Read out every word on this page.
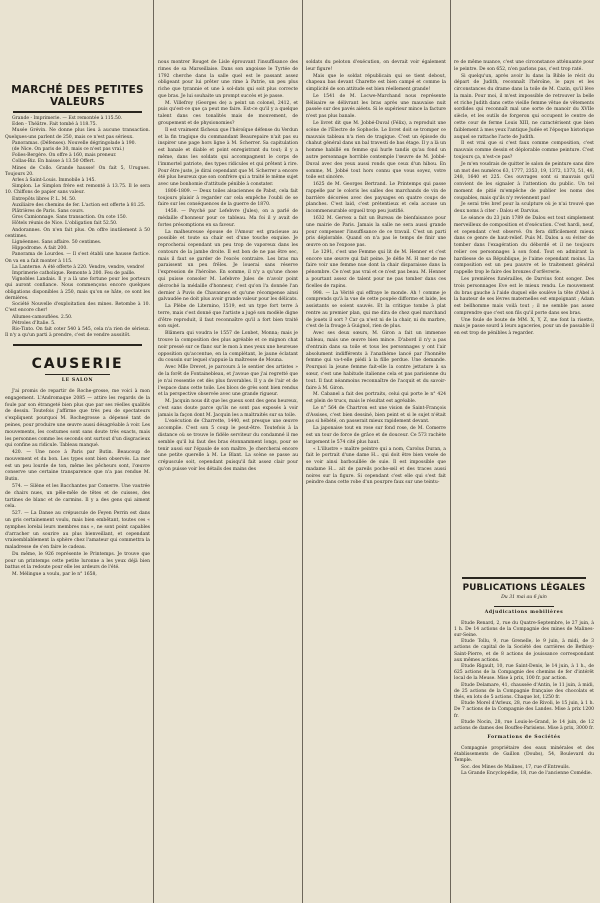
MARCHÉ DES PETITES VALEURS

Grande - Imprimerie. — Est remontée à 115.50.

Eden - Théâtre. Fait tombé à 118.75.

Musée Grévin. Ne donne plus lieu à aucune transaction. Quelques-uns parlent de 250, mais ce n'est pas sérieux.

Panoramas. (Défenses). Nouvelle dégringolade à 190.

(de Nice. On paris de 30, mais ce n'est pas vrai.)

Folies-Bergère. On offre à 160, mais preneur.

Collas-Biz. En baisse à 13.50 Offert.

Mines de Collo. Grande hausse! On fait 5, Urugues. Toujours 20.

Arles à Saint-Louis. Immobile à 145.

Simplon. Le Simplon frère est remonté à 13.75. Il le sera 10. Chiffons de papier sans valeur.

Entrepôts libres P. L. M. 50.

Auxiliaire des chemins de fer. L'action est offerte à 81.25.

Plâtrières de Paris. Sans cours.

Gros Camionnage. Sans transaction. On cote 150.

Hôtels réunis de Nice. L'obligation fait 52.50.

Andorannes. On n'en fait plus. On offre inutilement à 50 centimes.

Lignéennes. Sans affaire. 50 centimes.

Hippodrome. A fait 200.

Panorama de Lourdes. — Il s'est établi une hausse factice. On va en a fait monter à 115.

La Lanterne. A été offerte à 220. Vendre, vendre, vendre!

Imprimerie catholique. Remonte à 200. Feu de paille.

Vignobles Landais. Il y a là une fortune pour les porteurs qui auront confiance. Nous commençons encore quelques obligations disponibles à 250, mais qu'on se hâte, ce sont les dernières.

Société Nouvelle d'exploitation des mines. Retombe à 10. C'est encore cher!

Allumes-camouflées. 2.50.

Pétroles d'Italie. 5.

Rio-Tinto. On fait coter 540 à 545, cela n'a rien de sérieux. Il n'y a qu'un parti à prendre, c'est de vendre aussitôt.

CAUSERIE

LE SALON

J'ai promis de repartir de Roche-grosse, me voici à mon engagement. L'Andromaque 2085 — attire les regards de la foule par son étrangeté bien plus que par ses réelles qualités de dessin. Toutefois j'affirme que très peu de spectateurs s'expliquent pourquoi M. Rochegrosse a dépensé tant de peines, pour produire une œuvre aussi désagréable à voir. Les mouvements, les costumes sont sans doute très exacts, mais les personnes comme les seconds ont surtout d'un disgracieux qui confine au ridicule. Tableau manqué.

420. — Une noce à Paris par Butin. Beaucoup de mouvement et du bon. Les types sont bien observés. La mer est un peu lourde de ton, même les pêcheurs sont, l'œuvre conserve une certaine transparence que n'a pas rendue M. Butin.

574. — Silène et les Bacchantes par Comerre. Une vautrée de chairs nues, un pêle-mêle de têtes et de cuisses, des tartines de blanc et de carmins. Il y a des gens qui aiment cela.

527. — La Danse au crépuscule de Feyen Perrin est dans un gris certainement voulu, mais bien embêtant, toutes ces « nymphes lorelai leurs membres nus », ne sont point capables d'arracher un sourire au plus bienveillant, et cependant vraisemblablement la sphère chez l'amateur qui commettra la maladresse de s'en faire le cadeau.

Du même, le 926 représente le Printemps. Je trouve que pour un printemps cette petite luronne a les yeux déjà bien battus et la redoute pour elle les ardeurs de l'été.

M. Mélingue a voulu, par le n° 1658,

nous montrer Rouget de Lisle éprouvant l'insuffisance des rimes de sa Marseillaise. Dans son angoisse le Tyrtée de 1792 cherche dans la salle quel est le passant assez obligeant pour lui prêter une rime à Patrie, un peu plus riche que tyrannie et une à sol-dats qui soit plus correcte que bras. Je lui souhaite un prompt succès et je passe.

M. Villefroy (Georges de) a peint un colonel, 2412, et puis qu'est-ce que ça peut me faire. Est-ce qu'il y a quelque talent dans ces tonalités mais de mouvement, de groupement et de physionomies?

Il est vraiment fâcheux que l'héroïque défense du Verdun et la fin tragique du commandant Beaurepaire n'ait pas su inspirer une page hors ligne à M. Scherrer. Sa capitulation est banale et diable et point enregistrant du tout; il y a même, dans les soldats qui accompagnent le corps de l'immortel patriote, des types ridicules et qui prêtent à rire. Pour être juste, je dirai cependant que M. Scherrer a encore été plus heureux que son confrère qui a traité le même sujet avec une bonhomie d'attitude pénible à constater.

1806-1809. — Deux toiles alsaciennes de Pabst, cela fait toujours plaisir à regarder car cela empêche l'oubli de se faire sur les conséquences de la guerre de 1870.

1458. — Psyché par Lefebvre (Jules), on a parlé de médaille d'honneur pour ce tableau. Ma foi il y avait de fortes présomptions en sa faveur.

La malheureuse épouse de l'Amour est gracieuse au possible et toute sa chair est d'une touche exquise. Je reprocherai cependant un peu trop de vaporeux dans les contours de la jambe droite. Il est bon de ne pas être sec, mais il faut se garder de l'excès contraire. Les bras ma paraissent un peu frêles. Je louerai sans réserve l'expression de l'héroïne. En somme, il n'y a qu'une chose qui puisse consoler M. Lefebvre Jules de n'avoir point décroché la médaille d'honneur, c'est qu'on l'a donnée l'an dernier à Puvis de Chavannes et qu'une récompense ainsi galvaudée ne doit plus avoir grande valeur pour les délicats.

La Plèbe de Liternino, 1519, est un type fort terre à terre, mais c'est donné que l'artiste a jugé son modèle digne d'être reproduit, il faut reconnaître qu'il a fort bien traité son sujet.

Blâmera qui voudra le 1557 de Lonbet, Monna; mais je trouve la composition des plus agréable et ce mignon chat noir pressé sur ce flanc sur le mon à mes yeux une heureuse opposition qu'accentue, en la complétant, le jaune éclatant du coussin sur lequel s'appuie la maîtresse de Mouna.

Avec Mlle Drevet, je parcours à le sentier des artistes » de la forêt de Fontainebleau, et j'avoue que j'ai regretté que je n'ai ressentie cet dès plus favorables. Il y a de l'air et de l'espace dans cette toile. Les blocs de grès sont bien rendus et la perspective observée avec une grande rigueur.

M. Jacquin nous dit que les gueux sont des gens heureux, c'est sans doute parce qu'ils ne sont pas exposés à voir jamais la façon dont M. Jacquin les a maltraités sur sa toile.

L'exécution de Charrette, 1440, est presque une œuvre accomplie. C'est son 5 coup le peut-être. Toutefois à la distance où se trouve le fidèle serviteur du condamné il me semble qu'il lui faut des bras étonnamment longs, pour se tenir aussi sur l'épaule de son maître. Je chercherai encore une petite querelle à M. Le Blant. La scène se passe au crépuscule soit, cependant puisqu'il fait assez clair pour qu'on puisse voir les détails des mains des

soldats du peloton d'exécution, on devrait voir également leur figure!

Mais que le soldat républicain qui se tient debout, chapeau bas devant Charette est bien campé et comme la simplicité de son attitude est bien réellement grande!

Le 1541 de M. Locwe-Marchand nous représente Bélisaire se délivrant les bras après une mauvaise nuit passée sur des pavés aiéets. Si le supérieur mince la facture n'est pas plus banale.

Le livret dit que M. Jobbé-Duval (Félix), a reproduit une scène de l'Électre de Sophocle. Le livret doit se tromper ce mauvais tableau n'a rien de tragique. C'est un épisode du chahut général dans un bal travesti de bas étage. Il y a là un homme habillé en femme qui hurle tandis qu'au fond un autre personnage horrible contemple l'œuvre de M. Jobbé-Duval avec des yeux aussi ronds que ceux d'un hibou. En somme, M. Jobbé tout hors connu que vous soyez, votre toile est sincère.

1625 de M. Georges Bertrand. Le Printemps qui passe rappelle par le coloris les salles des marchands de vin de barrière décorées avec des paysages en quatre coups de planches. C'est laid, c'est prétentieux et cela accuse un incommensurable orgueil trop peu justifié.

1632 M. Gervex a fait un Bureau de bienfaisance pour une mairie de Paris. Jamais la salle ne sera aussi grande pour compenser l'insuffisance de ce travail. C'est un parti pris déplorable. Quand on n'a pas le temps de finir une œuvre on ne l'expose pas.

Le 1291, c'est une Femme qui lit de M. Henner et c'est encore une œuvre qui fait peine. Je défie M. H mer de me faire voir une femme nue dont la chair disparaisse dans la pénombre. Ce n'est pas vrai et ce n'est pas beau. M. Henner a pourtant assez de talent pour ne pas tomber dans ces ficelles de rapins.

998. — La Vérité qui effraye le monde. Ah ! comme je comprends qu'à la vue de cette poupée difforme et laide, les assistants se soient sauvés. Et la critique tombe à plat rentre au premier plan, qui me dira de chez quel marchand de jouets il sort ? Car ça n'est ni de la chair, ni du marbre, c'est de la frouge à Guignol, rien de plus.

Avec ses deux sœurs, M. Giron a fait un immense tableau, mais une œuvre bien mince. D'abord il n'y a pas d'entrain dans sa toile et tous les personnages y ont l'air absolument indifférents à l'anathème lancé par l'honnête femme qui va-t-elle piédi à la fille perdue. Une demande. Pourquoi la jeune femme fait-elle la contre jettature à sa sœur, c'est une habitude italienne cela et pas parisienne du tout. Il faut néanmoins reconnaître de l'acquit et du savoir-faire à M. Giron.

M. Cabanel a fait des portraits, celui qui porte le n° 424 est plein de trucs, mais le résultat est agréable.

Le n° 564 de Chartron est une vision de Saint-François d'Assises, c'est bien dessiné, bien peint et si le sujet n'était pas si hébété, on passerait mieux rapidement devant.

La japonaise tout en rose sur fond rose, de M. Comerre est un tour de force de grâce et de douceur. Ce 573 rachète largement le 574 cité plus haut.

« L'illustre » maître peintre qui a nom, Carolus Duran, a fait le portrait d'une dame H... qui doit être bien vexée de se voir ainsi barbouillée de suie. Il est impossible que madame H... ait de pareils poche-œil et des traces aussi noires sur la figure. Si cependant c'est elle qui s'est fait peindre dans cette robe d'un pourpre faux sur une teintu-

re de même nuance, c'est une circonstance atténuante pour le peintre. De son 652, n'en parlons pas, c'est trop raté.

Si quelqu'un, après avoir lu dans la Bible le récit du départ de Judith, reconnaît l'héroïne, le pays et les circonstances du drame dans la toile de M. Cazin, qu'il lève la main. Pour moi, il m'est impossible de retrouver la belle et riche Judith dans cette vieille femme vêtue de vêtements sordides qui reconnaît mal une sorte de manoir du XVIIe siècle, et les outils de forgeron qui occupent le centre de cette cour de ferme Louis XIII, ne caractérisent que bien faiblement à mes yeux l'antique Judée et l'époque historique auquel se rattache l'acte de Judith.

Il est vrai que si c'est faux comme composition, c'est mauvais comme dessin et déplorable comme peinture. C'est toujours ça, n'est-ce pas?

Je m'en voudrais de quitter le salon de peinture sans dire un mot des numéros 63, 1777, 2353, 19, 1372, 1373, 51, 48, 248, 1640 et 225. Ces ouvrages sont si mauvais qu'il convient de les signaler à l'attention du public. Un tel moment de pitié m'empêche de publier les noms des coupables, mais qu'ils n'y reviennent pas!

Je serai très bref pour la sculpture où je n'ai trouvé que deux noms à citer : Dalou et Darvius.

Le séance du 23 juin 1789 de Dalou est tout simplement merveilleux de composition et d'exécution. C'est hardi, neuf, et cependant c'est observé. On fera difficilement mieux dans ce genre de haut-relief. Puis M. Dalou a su éviter de tomber dans l'exagération du débordé et il ne toujours relier ces personnages à son fond. Tout en admirant la hardiesse de sa République, je l'aime cependant moins. La composition est un peu pauvre et le traitement général rappelle trop le faire des bronzes d'orfèvrerie.

Les premières funérailles, de Darvius font songer. Des trois personnages Eve est le mieux rendu. Le mouvement du bras gauche à l'aide duquel elle soulève la tête d'Abel à la hauteur de ses lèvres maternelles est empoignant ; Adam est bellhomme mais voilà tout ; il ne semble pas assez comprendre que c'est son fils qu'il porte dans ses bras.

Une foule de boute de MM. X, Y, Z, me font la risette, mais je passe sourd à leurs agaceries, pour un de passable il en est trop de pénibles à regarder.

PUBLICATIONS LÉGALES

Du 31 mai au 6 juin

Adjudications mobilières

Etude Renard, 2, rue du Quatre-Septembre, le 27 juin, à 1 h. De 14 actions de la Compagnie des mines de Malines-sur-Seine.

Etude Tollu, 9, rue Grenelle, le 9 juin, à midi, de 3 actions de capital de la Société des carrières de Bethisy-Saint-Pierre, et de 8 actions de jouissance correspondant aux mêmes actions.

Etude Rigault, 10, rue Saint-Denis, le 14 juin, à 1 h., de 625 actions de la Compagnie des chemins de fer d'intérêt local de la Meuse. Mise à prix, 100 fr. par action.

Etude Delamare, 41, chaussée d'Antin, le 11 juin, à midi, de 25 actions de la Compagnie française des chocolats et thés, en lots de 5 actions. Chaque lot, 1250 fr.

Etude Morel d'Arleux, 28, rue de Rivoli, le 15 juin, à 1 h. De 7 actions de la Compagnie des Landes. Mise à prix 1200 fr.

Etude Nocin, 28, rue Louis-le-Grand, le 14 juin, de 12 actions de dames des Bouffes-Parisiens. Mise à prix, 3000 fr.

Formations de Sociétés

Compagnie propriétaire des eaux minérales et des établissements de Gaillon (Doubs), 54, Boulevard du Temple.

Soc. des Mines de Malines, 17, rue d'Entreuils.

La Grande Encyclopédie, 18, rue de l'ancienne Comédie.
